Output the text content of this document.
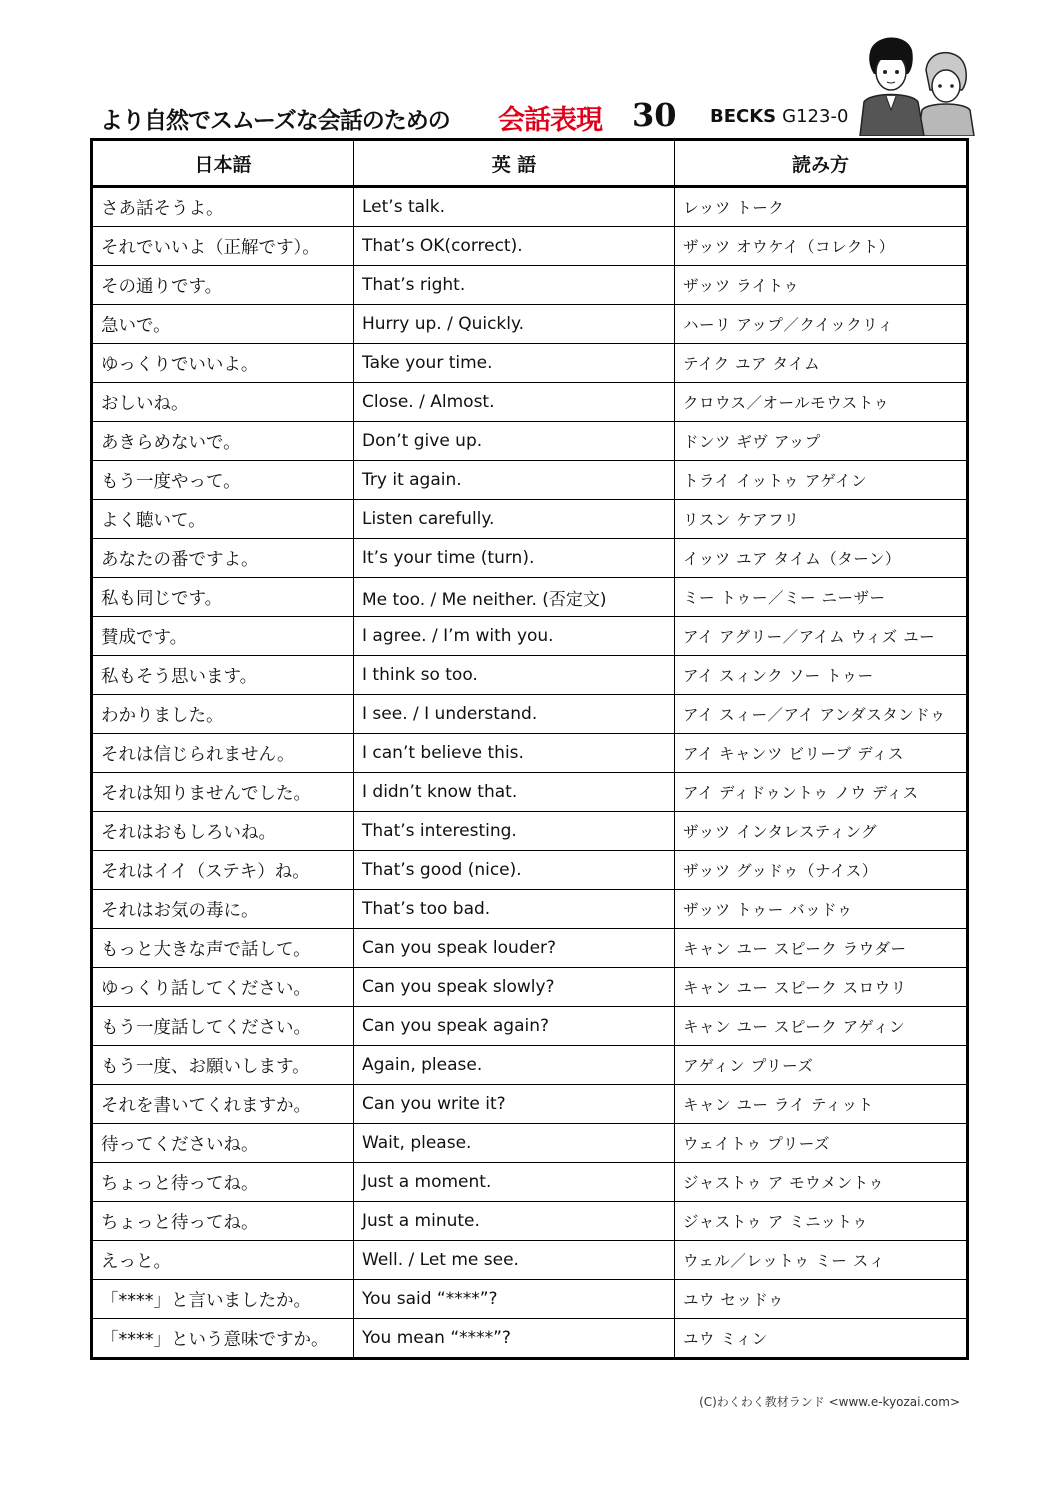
より自然でスムーズな会話のための 会話表現 30 BECKS G123-0
日本語	英 語	読み方
さあ話そうよ。	Let’s talk.	レッツ トーク
それでいいよ（正解です）。	That’s OK(correct).	ザッツ オウケイ（コレクト）
その通りです。	That’s right.	ザッツ ライトゥ
急いで。	Hurry up. / Quickly.	ハーリ アップ／クイックリィ
ゆっくりでいいよ。	Take your time.	テイク ユア タイム
おしいね。	Close. / Almost.	クロウス／オールモウストゥ
あきらめないで。	Don’t give up.	ドンツ ギヴ アップ
もう一度やって。	Try it again.	トライ イットゥ アゲイン
よく聴いて。	Listen carefully.	リスン ケアフリ
あなたの番ですよ。	It’s your time (turn).	イッツ ユア タイム（ターン）
私も同じです。	Me too. / Me neither. (否定文)	ミー トゥー／ミー ニーザー
賛成です。	I agree. / I’m with you.	アイ アグリー／アイム ウィズ ユー
私もそう思います。	I think so too.	アイ スィンク ソー トゥー
わかりました。	I see. / I understand.	アイ スィー／アイ アンダスタンドゥ
それは信じられません。	I can’t believe this.	アイ キャンツ ビリーブ ディス
それは知りませんでした。	I didn’t know that.	アイ ディドゥントゥ ノウ ディス
それはおもしろいね。	That’s interesting.	ザッツ インタレスティング
それはイイ（ステキ）ね。	That’s good (nice).	ザッツ グッドゥ（ナイス）
それはお気の毒に。	That’s too bad.	ザッツ トゥー バッドゥ
もっと大きな声で話して。	Can you speak louder?	キャン ユー スピーク ラウダー
ゆっくり話してください。	Can you speak slowly?	キャン ユー スピーク スロウリ
もう一度話してください。	Can you speak again?	キャン ユー スピーク アゲィン
もう一度、お願いします。	Again, please.	アゲィン プリーズ
それを書いてくれますか。	Can you write it?	キャン ユー ライ ティット
待ってくださいね。	Wait, please.	ウェイトゥ プリーズ
ちょっと待ってね。	Just a moment.	ジャストゥ ア モウメントゥ
ちょっと待ってね。	Just a minute.	ジャストゥ ア ミニットゥ
えっと。	Well. / Let me see.	ウェル／レットゥ ミー スィ
「****」と言いましたか。	You said “****”?	ユウ セッドゥ
「****」という意味ですか。	You mean “****”?	ユウ ミィン
(C)わくわく教材ランド <www.e-kyozai.com>
